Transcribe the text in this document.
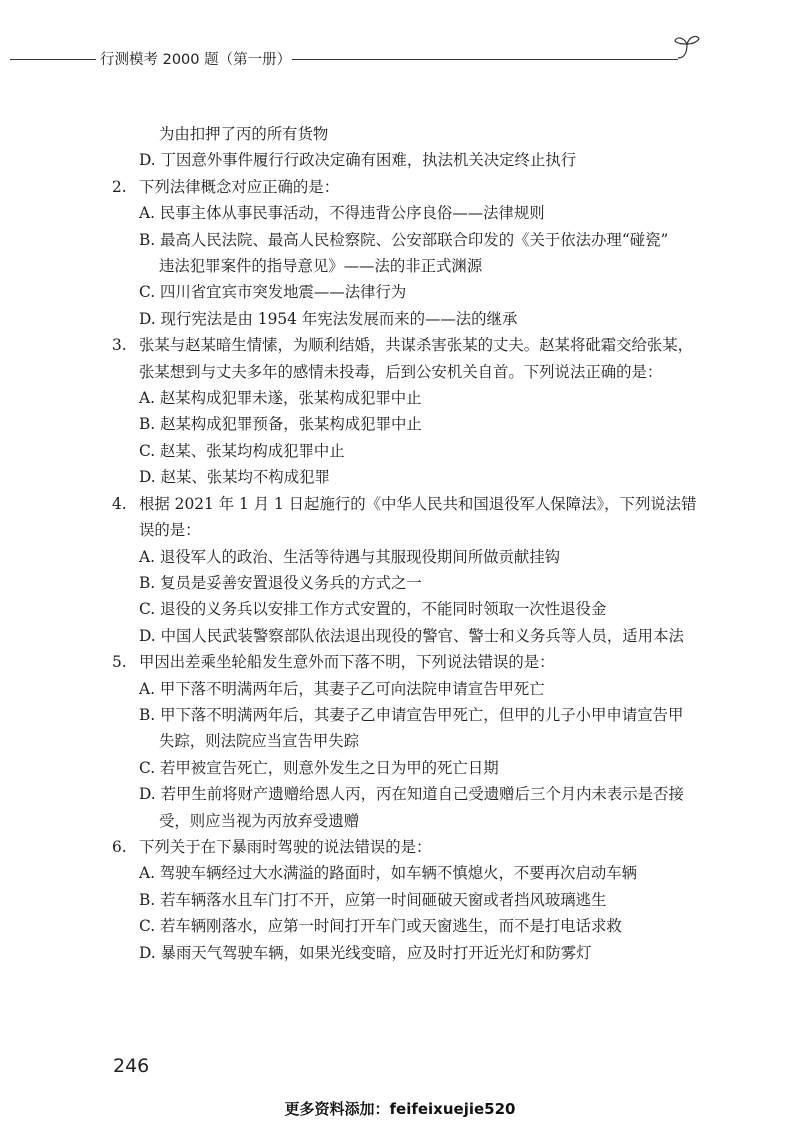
行测模考 2000 题（第一册）
为由扣押了丙的所有货物
D. 丁因意外事件履行行政决定确有困难，执法机关决定终止执行
2. 下列法律概念对应正确的是：
A. 民事主体从事民事活动，不得违背公序良俗——法律规则
B. 最高人民法院、最高人民检察院、公安部联合印发的《关于依法办理“碰瓷”
违法犯罪案件的指导意见》——法的非正式渊源
C. 四川省宜宾市突发地震——法律行为
D. 现行宪法是由 1954 年宪法发展而来的——法的继承
3. 张某与赵某暗生情愫，为顺利结婚，共谋杀害张某的丈夫。赵某将砒霜交给张某，
张某想到与丈夫多年的感情未投毒，后到公安机关自首。下列说法正确的是：
A. 赵某构成犯罪未遂，张某构成犯罪中止
B. 赵某构成犯罪预备，张某构成犯罪中止
C. 赵某、张某均构成犯罪中止
D. 赵某、张某均不构成犯罪
4. 根据 2021 年 1 月 1 日起施行的《中华人民共和国退役军人保障法》，下列说法错
误的是：
A. 退役军人的政治、生活等待遇与其服现役期间所做贡献挂钩
B. 复员是妥善安置退役义务兵的方式之一
C. 退役的义务兵以安排工作方式安置的，不能同时领取一次性退役金
D. 中国人民武装警察部队依法退出现役的警官、警士和义务兵等人员，适用本法
5. 甲因出差乘坐轮船发生意外而下落不明，下列说法错误的是：
A. 甲下落不明满两年后，其妻子乙可向法院申请宣告甲死亡
B. 甲下落不明满两年后，其妻子乙申请宣告甲死亡，但甲的儿子小甲申请宣告甲
失踪，则法院应当宣告甲失踪
C. 若甲被宣告死亡，则意外发生之日为甲的死亡日期
D. 若甲生前将财产遗赠给恩人丙，丙在知道自己受遗赠后三个月内未表示是否接
受，则应当视为丙放弃受遗赠
6. 下列关于在下暴雨时驾驶的说法错误的是：
A. 驾驶车辆经过大水满溢的路面时，如车辆不慎熄火，不要再次启动车辆
B. 若车辆落水且车门打不开，应第一时间砸破天窗或者挡风玻璃逃生
C. 若车辆刚落水，应第一时间打开车门或天窗逃生，而不是打电话求救
D. 暴雨天气驾驶车辆，如果光线变暗，应及时打开近光灯和防雾灯
246
更多资料添加：feifeixuejie520
